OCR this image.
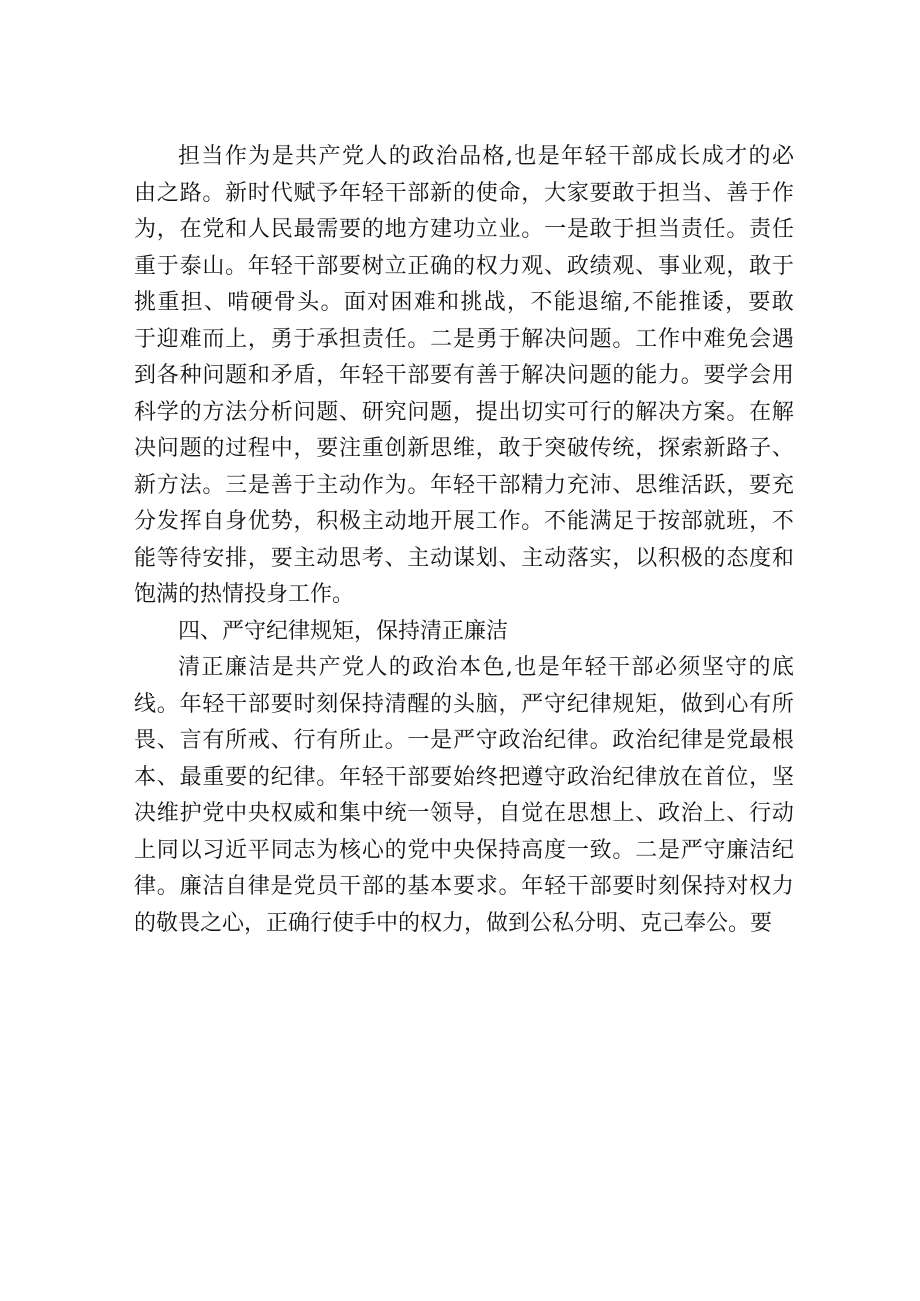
担 当 作 为 是 共 产 党 人 的 政 治 品 格 , 也 是 年 轻 干 部 成 长 成 才 的 必
由 之 路 。 新 时 代 赋 予 年 轻 干 部 新 的 使 命 ， 大 家 要 敢 于 担 当 、 善 于 作
为 ， 在 党 和 人 民 最 需 要 的 地 方 建 功 立 业 。 一 是 敢 于 担 当 责 任 。 责 任
重 于 泰 山 。 年 轻 干 部 要 树 立 正 确 的 权 力 观 、 政 绩 观 、 事 业 观 ， 敢 于
挑 重 担 、 啃 硬 骨 头 。 面 对 困 难 和 挑 战 ， 不 能 退 缩 , 不 能 推 诿 ， 要 敢
于 迎 难 而 上 ， 勇 于 承 担 责 任 。 二 是 勇 于 解 决 问 题 。 工 作 中 难 免 会 遇
到 各 种 问 题 和 矛 盾 ， 年 轻 干 部 要 有 善 于 解 决 问 题 的 能 力 。 要 学 会 用
科 学 的 方 法 分 析 问 题 、 研 究 问 题 ， 提 出 切 实 可 行 的 解 决 方 案 。 在 解
决 问 题 的 过 程 中 ， 要 注 重 创 新 思 维 ， 敢 于 突 破 传 统 ， 探 索 新 路 子 、
新 方 法 。 三 是 善 于 主 动 作 为 。 年 轻 干 部 精 力 充 沛 、 思 维 活 跃 ， 要 充
分 发 挥 自 身 优 势 ， 积 极 主 动 地 开 展 工 作 。 不 能 满 足 于 按 部 就 班 ， 不
能 等 待 安 排 ， 要 主 动 思 考 、 主 动 谋 划 、 主 动 落 实 ， 以 积 极 的 态 度 和
饱满的热情投身工作。
四、严守纪律规矩，保持清正廉洁
清 正 廉 洁 是 共 产 党 人 的 政 治 本 色 , 也 是 年 轻 干 部 必 须 坚 守 的 底
线 。 年 轻 干 部 要 时 刻 保 持 清 醒 的 头 脑 ， 严 守 纪 律 规 矩 ， 做 到 心 有 所
畏 、 言 有 所 戒 、 行 有 所 止 。 一 是 严 守 政 治 纪 律 。 政 治 纪 律 是 党 最 根
本 、 最 重 要 的 纪 律 。 年 轻 干 部 要 始 终 把 遵 守 政 治 纪 律 放 在 首 位 ， 坚
决 维 护 党 中 央 权 威 和 集 中 统 一 领 导 ， 自 觉 在 思 想 上 、 政 治 上 、 行 动
上 同 以 习 近 平 同 志 为 核 心 的 党 中 央 保 持 高 度 一 致 。 二 是 严 守 廉 洁 纪
律 。 廉 洁 自 律 是 党 员 干 部 的 基 本 要 求 。 年 轻 干 部 要 时 刻 保 持 对 权 力
的敬畏之心，正确行使手中的权力，做到公私分明、克己奉公。要
